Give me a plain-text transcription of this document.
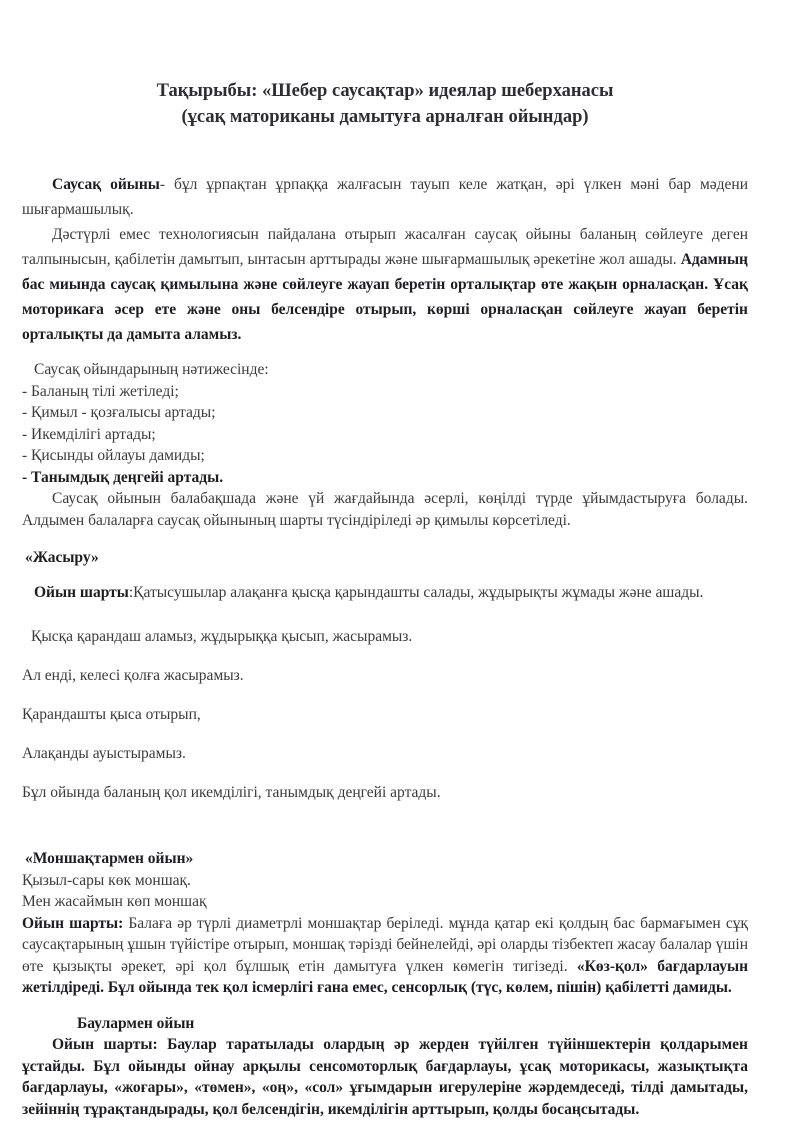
Тақырыбы: «Шебер саусақтар» идеялар шеберханасы
(ұсақ маториканы дамытуға арналған ойындар)

Саусақ ойыны- бұл ұрпақтан ұрпаққа жалғасын тауып келе жатқан, әрі үлкен мәні бар мәдени шығармашылық.

Дәстүрлі емес технологиясын пайдалана отырып жасалған саусақ ойыны баланың сөйлеуге деген талпынысын, қабілетін дамытып, ынтасын арттырады және шығармашылық әрекетіне жол ашады. Адамның бас миында саусақ қимылына және сөйлеуге жауап беретін орталықтар өте жақын орналасқан. Ұсақ моторикаға әсер ете және оны белсендіре отырып, көрші орналасқан сөйлеуге жауап беретін орталықты да дамыта аламыз.

Саусақ ойындарының нәтижесінде:

- Баланың тілі жетіледі;

- Қимыл - қозғалысы артады;

- Икемділігі артады;

- Қисынды ойлауы дамиды;

- Танымдық деңгейі артады.

Саусақ ойынын балабақшада және үй жағдайында әсерлі, көңілді түрде ұйымдастыруға болады. Алдымен балаларға саусақ ойынының шарты түсіндіріледі әр қимылы көрсетіледі.

«Жасыру»

Ойын шарты:Қатысушылар алақанға қысқа қарындашты салады, жұдырықты жұмады және ашады.

Қысқа қарандаш аламыз, жұдырыққа қысып, жасырамыз.

Ал енді, келесі қолға жасырамыз.

Қарандашты қыса отырып,

Алақанды ауыстырамыз.

Бұл ойында баланың қол икемділігі, танымдық деңгейі артады.

«Моншақтармен ойын»

Қызыл-сары көк моншақ.

Мен жасаймын көп моншақ

Ойын шарты: Балаға әр түрлі диаметрлі моншақтар беріледі. мұнда қатар екі қолдың бас бармағымен сұқ саусақтарының ұшын түйістіре отырып, моншақ тәрізді бейнелейді, әрі оларды тізбектеп жасау балалар үшін өте қызықты әрекет, әрі қол бұлшық етін дамытуға үлкен көмегін тигізеді. «Көз-қол» бағдарлауын жетілдіреді. Бұл ойында тек қол ісмерлігі ғана емес, сенсорлық (түс, көлем, пішін) қабілетті дамиды.

Баулармен ойын

Ойын шарты: Баулар таратылады олардың әр жерден түйілген түйіншектерін қолдарымен ұстайды. Бұл ойынды ойнау арқылы сенсомоторлық бағдарлауы, ұсақ моторикасы, жазықтықта бағдарлауы, «жоғары», «төмен», «оң», «сол» ұғымдарын игерулеріне жәрдемдеседі, тілді дамытады, зейіннің тұрақтандырады, қол белсендігін, икемділігін арттырып, қолды босаңсытады.
